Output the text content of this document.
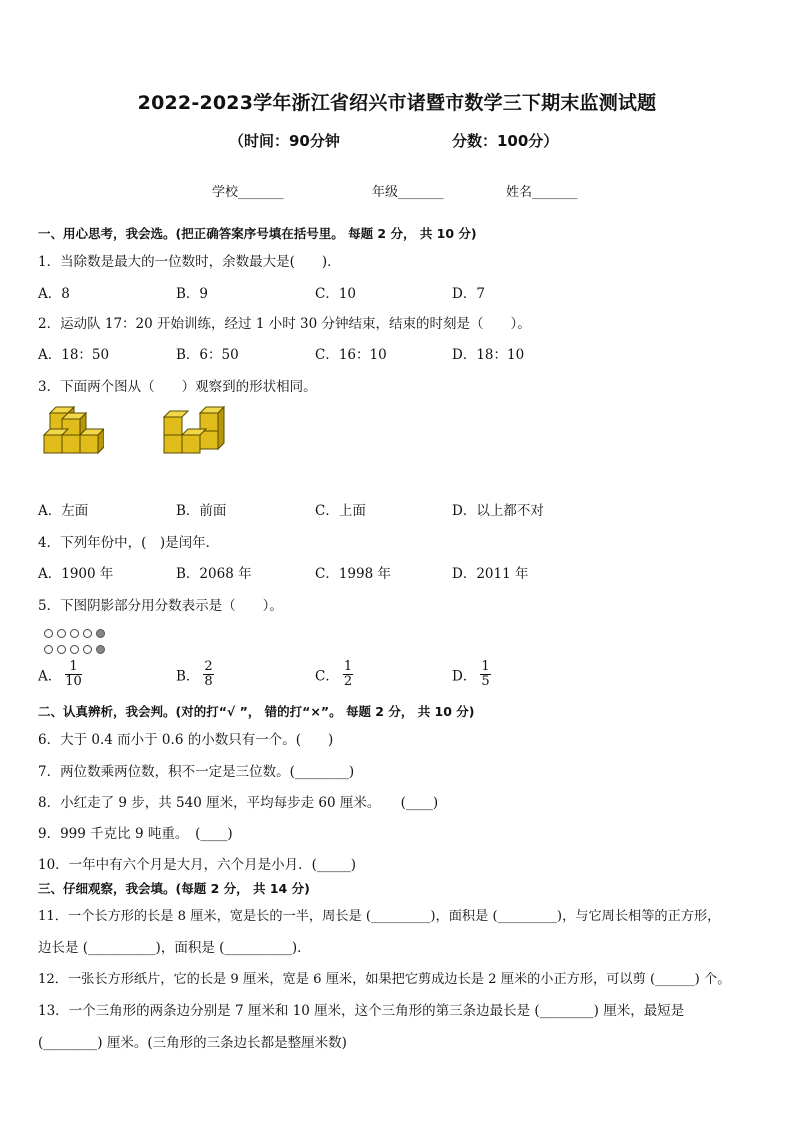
2022-2023学年浙江省绍兴市诸暨市数学三下期末监测试题
（时间：90分钟	分数：100分）
学校_______	年级_______	姓名_______
一、用心思考，我会选。(把正确答案序号填在括号里。 每题 2 分， 共 10 分)
1．当除数是最大的一位数时，余数最大是(　　)．
A．8	B．9	C．10	D．7
2．运动队 17：20 开始训练，经过 1 小时 30 分钟结束，结束的时刻是（　　）。
A．18：50	B．6：50	C．16：10	D．18：10
3．下面两个图从（　　）观察到的形状相同。
A．左面	B．前面	C．上面	D．以上都不对
4．下列年份中，(　)是闰年．
A．1900 年	B．2068 年	C．1998 年	D．2011 年
5．下图阴影部分用分数表示是（　　）。
A． $\frac{1}{10}$	B． $\frac{2}{8}$	C． $\frac{1}{2}$	D． $\frac{1}{5}$
二、认真辨析，我会判。(对的打“√ ”， 错的打“×”。 每题 2 分， 共 10 分)
6．大于 0.4 而小于 0.6 的小数只有一个。(　　)
7．两位数乘两位数，积不一定是三位数。(________)
8．小红走了 9 步，共 540 厘米，平均每步走 60 厘米。　　(____)
9．999 千克比 9 吨重。　(____)
10．一年中有六个月是大月，六个月是小月．(_____)
三、仔细观察，我会填。(每题 2 分， 共 14 分)
11．一个长方形的长是 8 厘米，宽是长的一半，周长是 (_________)，面积是 (_________)，与它周长相等的正方形，
边长是 (__________)，面积是 (__________)．
12．一张长方形纸片，它的长是 9 厘米，宽是 6 厘米，如果把它剪成边长是 2 厘米的小正方形，可以剪 (______) 个。
13．一个三角形的两条边分别是 7 厘米和 10 厘米，这个三角形的第三条边最长是 (________) 厘米，最短是
(________) 厘米。(三角形的三条边长都是整厘米数)
